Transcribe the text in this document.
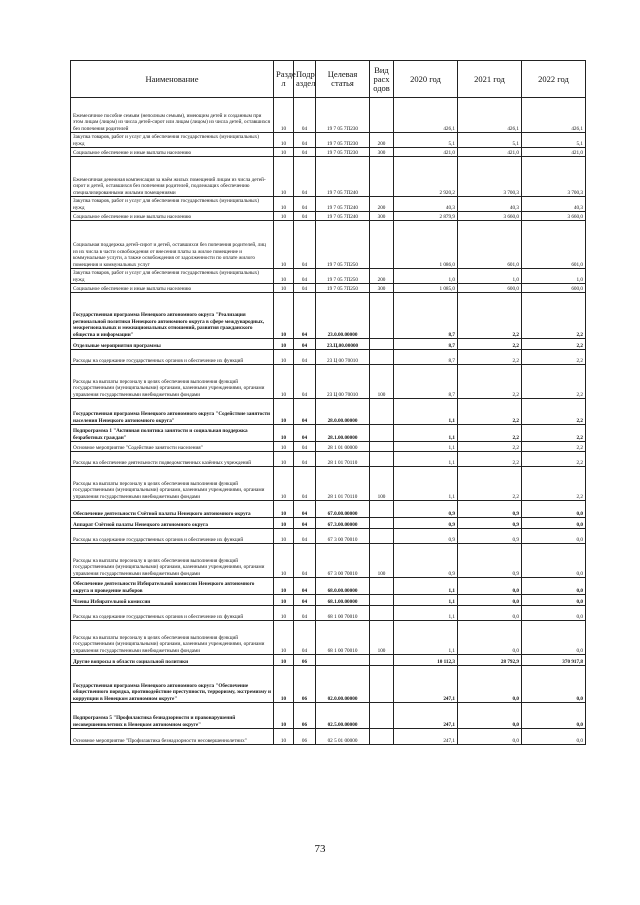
Наименование	Разде л	Подр аздел	Целевая статья	Вид расх одов	2020 год	2021 год	2022 год
Ежемесячное пособие семьям (неполным семьям), имеющим детей и созданным при этом лицам (лицом) из числа детей-сирот или лицам (лицом) из числа детей, оставшихся без попечения родителей	10	04	19 7 05 7П230		426,1	426,1	426,1
Закупка товаров, работ и услуг для обеспечения государственных (муниципальных) нужд	10	04	19 7 05 7П230	200	5,1	5,1	5,1
Социальное обеспечение и иные выплаты населению	10	04	19 7 05 7П230	300	421,0	421,0	421,0
Ежемесячная денежная компенсация за наём жилых помещений лицам из числа детей-сирот и детей, оставшихся без попечения родителей, подлежащих обеспечению специализированными жилыми помещениями	10	04	19 7 05 7П240		2 920,2	3 700,3	3 700,3
Закупка товаров, работ и услуг для обеспечения государственных (муниципальных) нужд	10	04	19 7 05 7П240	200	40,3	40,3	40,3
Социальное обеспечение и иные выплаты населению	10	04	19 7 05 7П240	300	2 879,9	3 660,0	3 660,0
Социальная поддержка детей-сирот и детей, оставшихся без попечения родителей, лиц из их числа в части освобождения от внесения платы за жилое помещение и коммунальные услуги, а также освобождения от задолженности по оплате жилого помещения и коммунальных услуг	10	04	19 7 05 7П250		1 086,0	601,0	601,0
Закупка товаров, работ и услуг для обеспечения государственных (муниципальных) нужд	10	04	19 7 05 7П250	200	1,0	1,0	1,0
Социальное обеспечение и иные выплаты населению	10	04	19 7 05 7П250	300	1 085,0	600,0	600,0
Государственная программа Ненецкого автономного округа "Реализация региональной политики Ненецкого автономного округа в сфере международных, межрегиональных и межнациональных отношений, развития гражданского общества и информации"	10	04	23.0.00.00000		8,7	2,2	2,2
Отдельные мероприятия программы	10	04	23.Ц.00.00000		8,7	2,2	2,2
Расходы на содержание государственных органов и обеспечение их функций	10	04	23 Ц 00 70010		8,7	2,2	2,2
Расходы на выплаты персоналу в целях обеспечения выполнения функций государственными (муниципальными) органами, казенными учреждениями, органами управления государственными внебюджетными фондами	10	04	23 Ц 00 70010	100	8,7	2,2	2,2
Государственная программа Ненецкого автономного округа "Содействие занятости населения Ненецкого автономного округа"	10	04	28.0.00.00000		1,1	2,2	2,2
Подпрограмма 1 "Активная политика занятости и социальная поддержка безработных граждан"	10	04	28.1.00.00000		1,1	2,2	2,2
Основное мероприятие "Содействие занятости населения"	10	04	28 1 01 00000		1,1	2,2	2,2
Расходы на обеспечение деятельности подведомственных казённых учреждений	10	04	28 1 01 70110		1,1	2,2	2,2
Расходы на выплаты персоналу в целях обеспечения выполнения функций государственными (муниципальными) органами, казенными учреждениями, органами управления государственными внебюджетными фондами	10	04	28 1 01 70110	100	1,1	2,2	2,2
Обеспечение деятельности Счётной палаты Ненецкого автономного округа	10	04	67.0.00.00000		0,9	0,9	0,0
Аппарат Счётной палаты Ненецкого автономного округа	10	04	67.3.00.00000		0,9	0,9	0,0
Расходы на содержание государственных органов и обеспечение их функций	10	04	67 3 00 70010		0,9	0,9	0,0
Расходы на выплаты персоналу в целях обеспечения выполнения функций государственными (муниципальными) органами, казенными учреждениями, органами управления государственными внебюджетными фондами	10	04	67 3 00 70010	100	0,9	0,9	0,0
Обеспечение деятельности Избирательной комиссии Ненецкого автономного округа и проведение выборов	10	04	68.0.00.00000		1,1	0,0	0,0
Члены Избирательной комиссии	10	04	68.1.00.00000		1,1	0,0	0,0
Расходы на содержание государственных органов и обеспечение их функций	10	04	68 1 00 70010		1,1	0,0	0,0
Расходы на выплаты персоналу в целях обеспечения выполнения функций государственными (муниципальными) органами, казенными учреждениями, органами управления государственными внебюджетными фондами	10	04	68 1 00 70010	100	1,1	0,0	0,0
Другие вопросы в области социальной политики	10	06			10 112,3	28 792,9	370 917,8
Государственная программа Ненецкого автономного округа "Обеспечение общественного порядка, противодействие преступности, терроризму, экстремизму и коррупции в Ненецком автономном округе"	10	06	02.0.00.00000		247,1	0,0	0,0
Подпрограмма 5 "Профилактика безнадзорности и правонарушений несовершеннолетних в Ненецком автономном округе"	10	06	02.5.00.00000		247,1	0,0	0,0
Основное мероприятие "Профилактика безнадзорности несовершеннолетних"	10	06	02 5 01 00000		247,1	0,0	0,0
73
